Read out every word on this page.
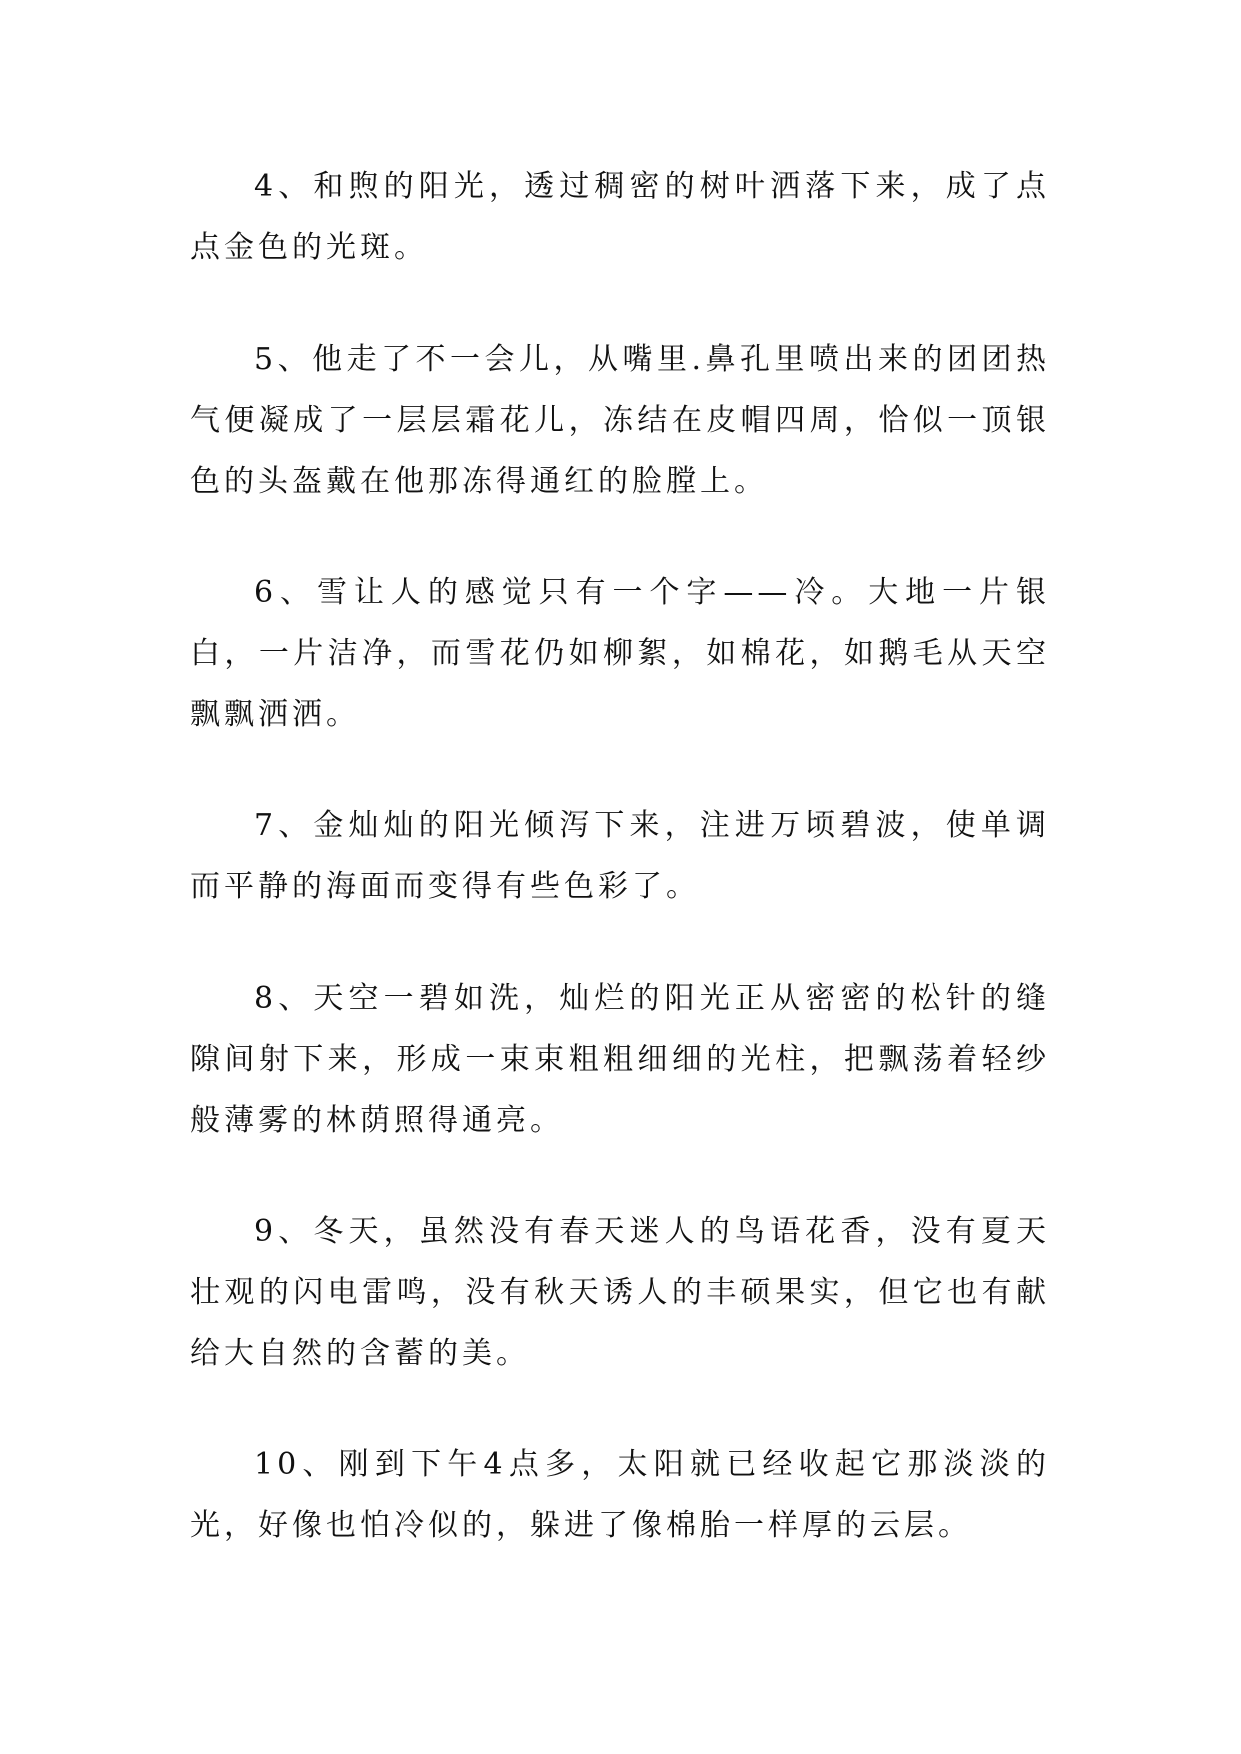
4、和煦的阳光，透过稠密的树叶洒落下来，成了点点金色的光斑。

5、他走了不一会儿，从嘴里.鼻孔里喷出来的团团热气便凝成了一层层霜花儿，冻结在皮帽四周，恰似一顶银色的头盔戴在他那冻得通红的脸膛上。

6、雪让人的感觉只有一个字——冷。大地一片银白，一片洁净，而雪花仍如柳絮，如棉花，如鹅毛从天空飘飘洒洒。

7、金灿灿的阳光倾泻下来，注进万顷碧波，使单调而平静的海面而变得有些色彩了。

8、天空一碧如洗，灿烂的阳光正从密密的松针的缝隙间射下来，形成一束束粗粗细细的光柱，把飘荡着轻纱般薄雾的林荫照得通亮。

9、冬天，虽然没有春天迷人的鸟语花香，没有夏天壮观的闪电雷鸣，没有秋天诱人的丰硕果实，但它也有献给大自然的含蓄的美。

10、刚到下午4点多，太阳就已经收起它那淡淡的光，好像也怕冷似的，躲进了像棉胎一样厚的云层。
